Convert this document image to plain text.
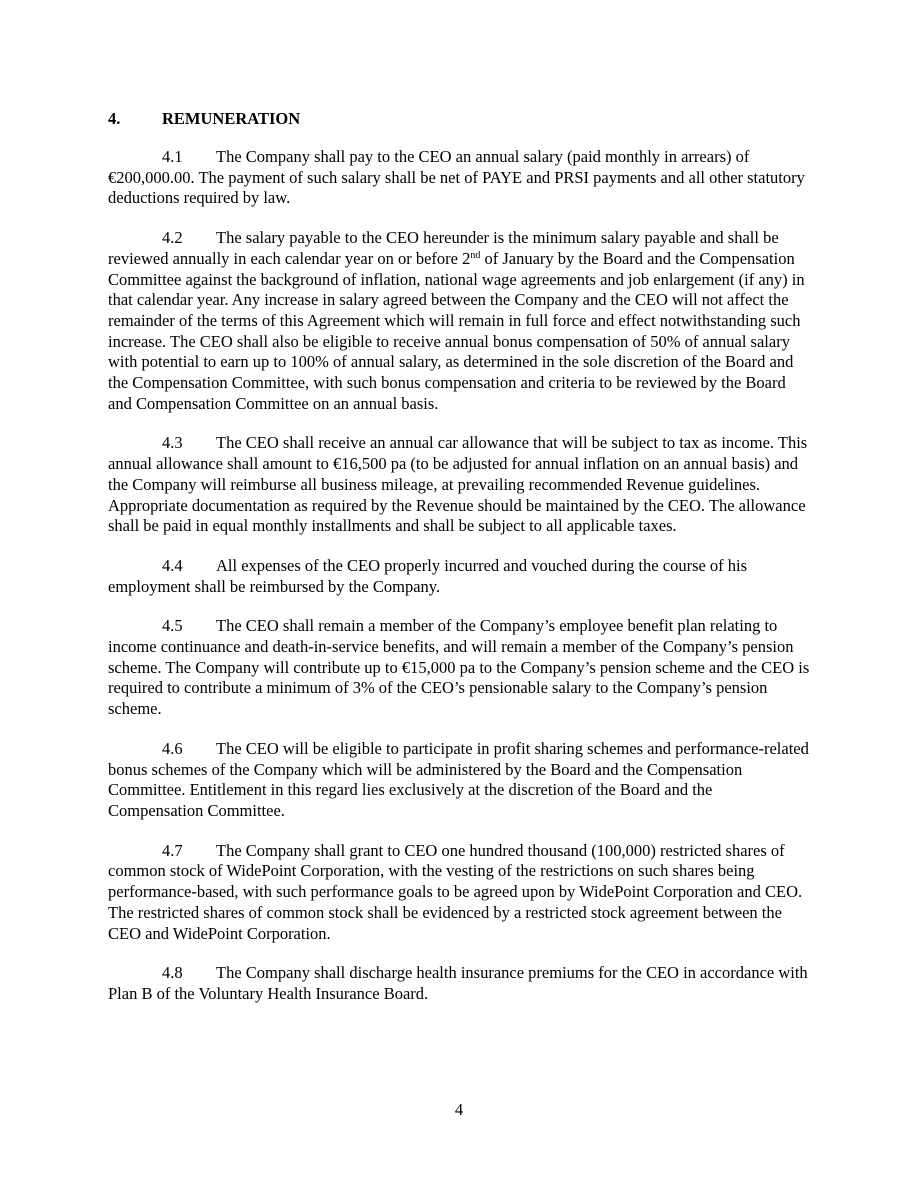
4.	REMUNERATION

4.1 The Company shall pay to the CEO an annual salary (paid monthly in arrears) of €200,000.00. The payment of such salary shall be net of PAYE and PRSI payments and all other statutory deductions required by law.

4.2 The salary payable to the CEO hereunder is the minimum salary payable and shall be reviewed annually in each calendar year on or before 2nd of January by the Board and the Compensation Committee against the background of inflation, national wage agreements and job enlargement (if any) in that calendar year. Any increase in salary agreed between the Company and the CEO will not affect the remainder of the terms of this Agreement which will remain in full force and effect notwithstanding such increase. The CEO shall also be eligible to receive annual bonus compensation of 50% of annual salary with potential to earn up to 100% of annual salary, as determined in the sole discretion of the Board and the Compensation Committee, with such bonus compensation and criteria to be reviewed by the Board and Compensation Committee on an annual basis.

4.3 The CEO shall receive an annual car allowance that will be subject to tax as income. This annual allowance shall amount to €16,500 pa (to be adjusted for annual inflation on an annual basis) and the Company will reimburse all business mileage, at prevailing recommended Revenue guidelines. Appropriate documentation as required by the Revenue should be maintained by the CEO. The allowance shall be paid in equal monthly installments and shall be subject to all applicable taxes.

4.4 All expenses of the CEO properly incurred and vouched during the course of his employment shall be reimbursed by the Company.

4.5 The CEO shall remain a member of the Company’s employee benefit plan relating to income continuance and death-in-service benefits, and will remain a member of the Company’s pension scheme. The Company will contribute up to €15,000 pa to the Company’s pension scheme and the CEO is required to contribute a minimum of 3% of the CEO’s pensionable salary to the Company’s pension scheme.

4.6 The CEO will be eligible to participate in profit sharing schemes and performance-related bonus schemes of the Company which will be administered by the Board and the Compensation Committee. Entitlement in this regard lies exclusively at the discretion of the Board and the Compensation Committee.

4.7 The Company shall grant to CEO one hundred thousand (100,000) restricted shares of common stock of WidePoint Corporation, with the vesting of the restrictions on such shares being performance-based, with such performance goals to be agreed upon by WidePoint Corporation and CEO. The restricted shares of common stock shall be evidenced by a restricted stock agreement between the CEO and WidePoint Corporation.

4.8 The Company shall discharge health insurance premiums for the CEO in accordance with Plan B of the Voluntary Health Insurance Board.

4
